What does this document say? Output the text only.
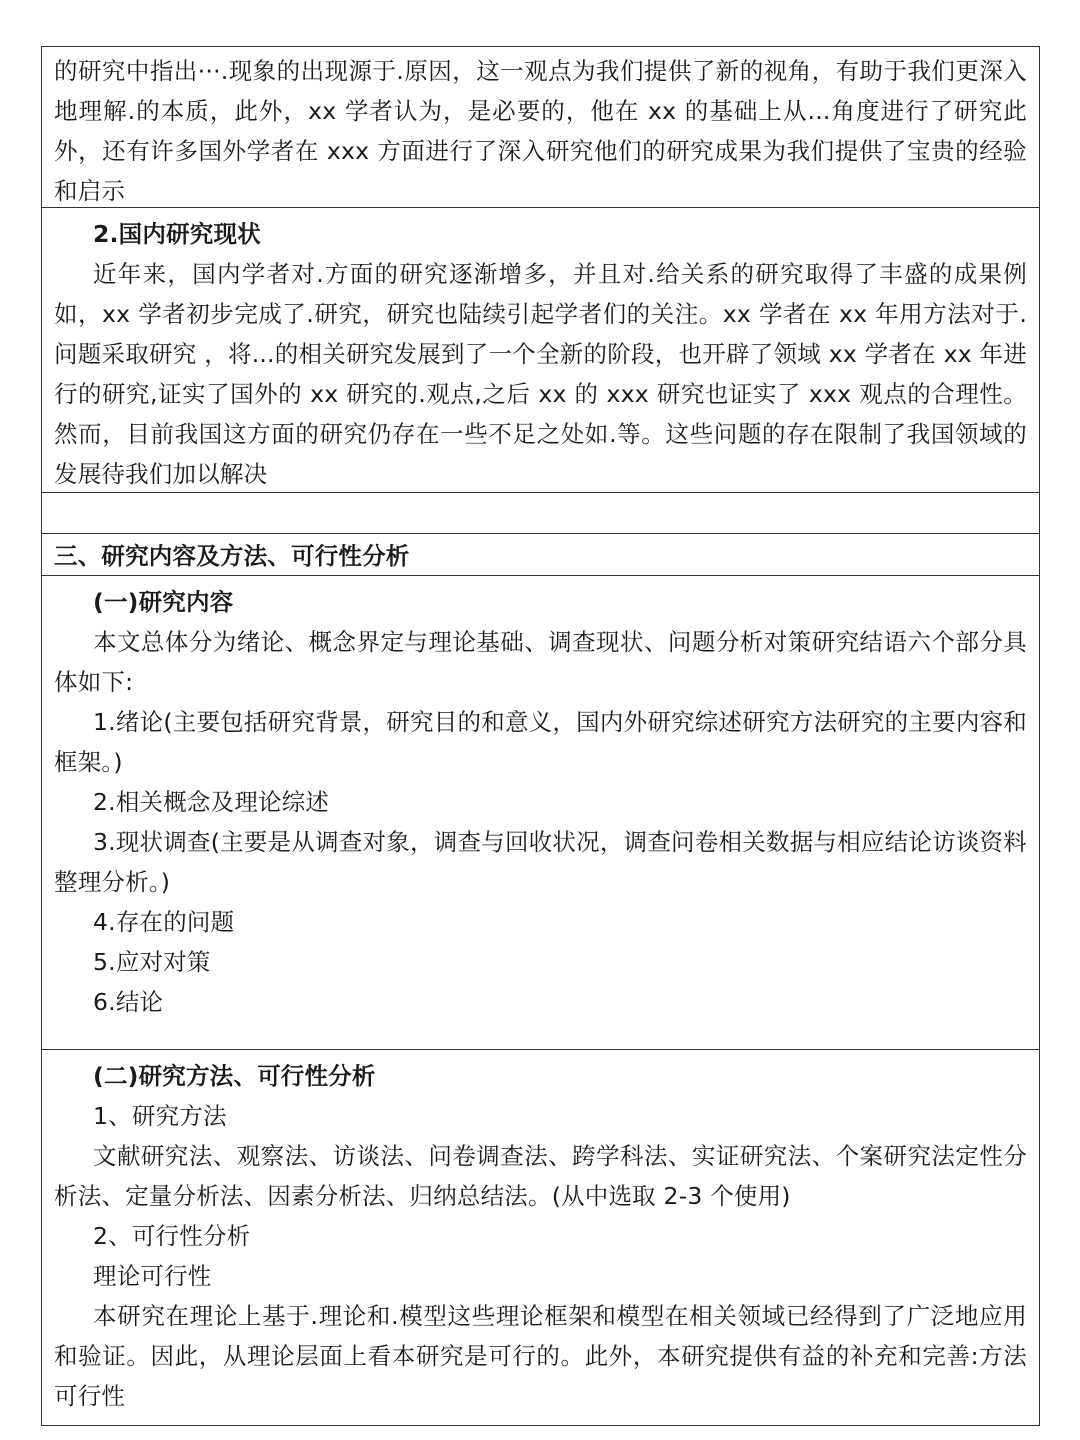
的研究中指出···.现象的出现源于.原因，这一观点为我们提供了新的视角，有助于我们更深入地理解.的本质，此外，xx 学者认为，是必要的，他在 xx 的基础上从...角度进行了研究此外，还有许多国外学者在 xxx 方面进行了深入研究他们的研究成果为我们提供了宝贵的经验和启示

2.国内研究现状

近年来，国内学者对.方面的研究逐渐增多，并且对.给关系的研究取得了丰盛的成果例如，xx 学者初步完成了.研究，研究也陆续引起学者们的关注。xx 学者在 xx 年用方法对于.问题采取研究 ，将...的相关研究发展到了一个全新的阶段，也开辟了领域 xx 学者在 xx 年进行的研究,证实了国外的 xx 研究的.观点,之后 xx 的 xxx 研究也证实了 xxx 观点的合理性。然而，目前我国这方面的研究仍存在一些不足之处如.等。这些问题的存在限制了我国领域的发展待我们加以解决

三、研究内容及方法、可行性分析

(一)研究内容

本文总体分为绪论、概念界定与理论基础、调查现状、问题分析对策研究结语六个部分具体如下:

1.绪论(主要包括研究背景，研究目的和意义，国内外研究综述研究方法研究的主要内容和框架。)

2.相关概念及理论综述

3.现状调查(主要是从调查对象，调查与回收状况，调查问卷相关数据与相应结论访谈资料整理分析。)

4.存在的问题

5.应对对策

6.结论

(二)研究方法、可行性分析

1、研究方法

文献研究法、观察法、访谈法、问卷调查法、跨学科法、实证研究法、个案研究法定性分析法、定量分析法、因素分析法、归纳总结法。(从中选取 2-3 个使用)

2、可行性分析

理论可行性

本研究在理论上基于.理论和.模型这些理论框架和模型在相关领域已经得到了广泛地应用和验证。因此，从理论层面上看本研究是可行的。此外，本研究提供有益的补充和完善:方法可行性
